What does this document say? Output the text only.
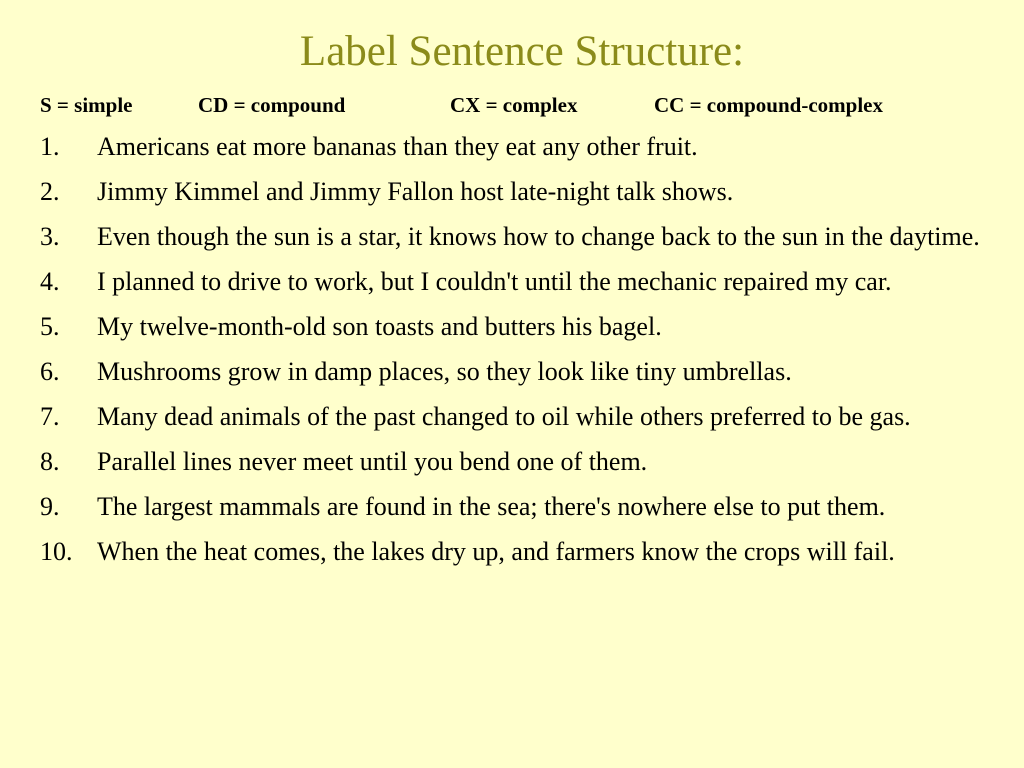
Label Sentence Structure:
S = simple	CD = compound	CX = complex	CC = compound-complex
1. Americans eat more bananas than they eat any other fruit.
2. Jimmy Kimmel and Jimmy Fallon host late-night talk shows.
3. Even though the sun is a star, it knows how to change back to the sun in the daytime.
4. I planned to drive to work, but I couldn't until the mechanic repaired my car.
5. My twelve-month-old son toasts and butters his bagel.
6. Mushrooms grow in damp places, so they look like tiny umbrellas.
7. Many dead animals of the past changed to oil while others preferred to be gas.
8. Parallel lines never meet until you bend one of them.
9. The largest mammals are found in the sea; there's nowhere else to put them.
10. When the heat comes, the lakes dry up, and farmers know the crops will fail.
